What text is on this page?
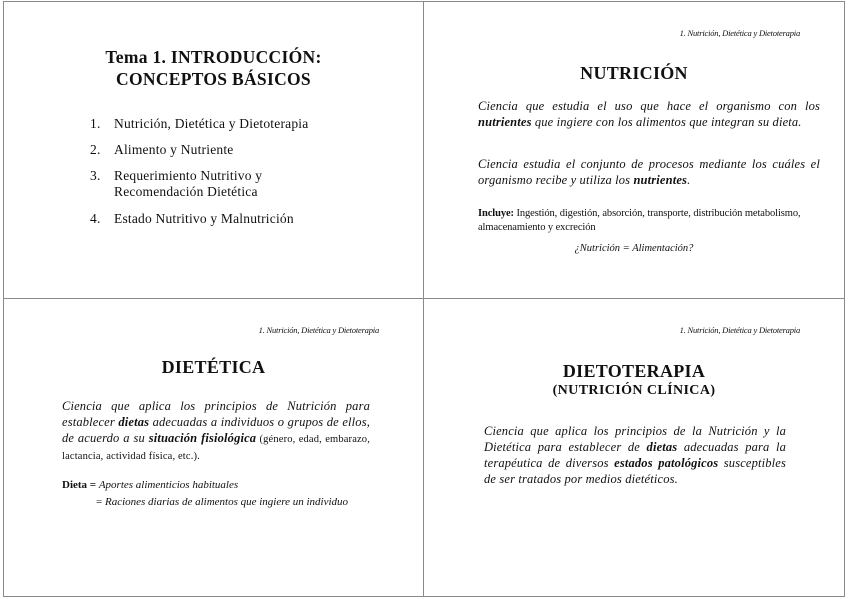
Tema 1. INTRODUCCIÓN:
CONCEPTOS BÁSICOS
1. Nutrición, Dietética y Dietoterapia
2. Alimento y Nutriente
3. Requerimiento Nutritivo y
Recomendación Dietética
4. Estado Nutritivo y Malnutrición
1. Nutrición, Dietética y Dietoterapia
NUTRICIÓN
Ciencia que estudia el uso que hace el organismo con los nutrientes que ingiere con los alimentos que integran su dieta.
Ciencia estudia el conjunto de procesos mediante los cuáles el organismo recibe y utiliza los nutrientes.
Incluye: Ingestión, digestión, absorción, transporte, distribución metabolismo, almacenamiento y excreción
¿Nutrición = Alimentación?
1. Nutrición, Dietética y Dietoterapia
DIETÉTICA
Ciencia que aplica los principios de Nutrición para establecer dietas adecuadas a individuos o grupos de ellos, de acuerdo a su situación fisiológica (género, edad, embarazo, lactancia, actividad física, etc.).
Dieta = Aportes alimenticios habituales
= Raciones diarias de alimentos que ingiere un individuo
1. Nutrición, Dietética y Dietoterapia
DIETOTERAPIA
(NUTRICIÓN CLÍNICA)
Ciencia que aplica los principios de la Nutrición y la Dietética para establecer de dietas adecuadas para la terapéutica de diversos estados patológicos susceptibles de ser tratados por medios dietéticos.
